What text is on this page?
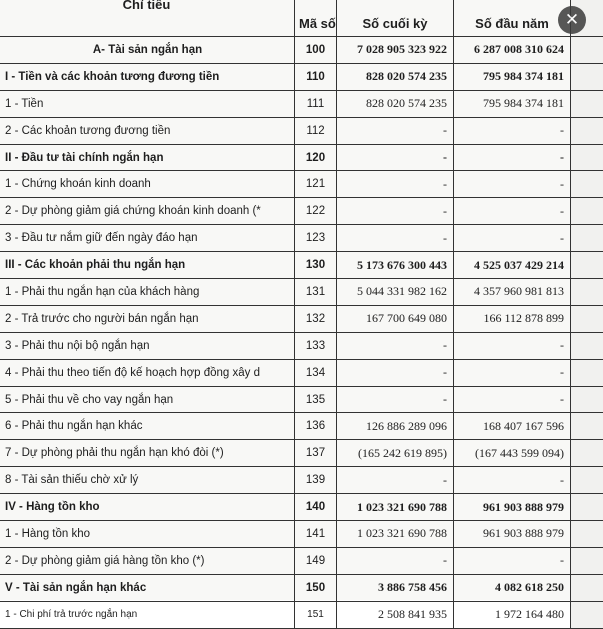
Chỉ tiêu	Mã số	Số cuối kỳ	Số đầu năm	
A- Tài sản ngắn hạn	100	7 028 905 323 922	6 287 008 310 624	
I - Tiền và các khoản tương đương tiền	110	828 020 574 235	795 984 374 181	
1 - Tiền	111	828 020 574 235	795 984 374 181	
2 - Các khoản tương đương tiền	112	-	-	
II - Đầu tư tài chính ngắn hạn	120	-	-	
1 - Chứng khoán kinh doanh	121	-	-	
2 - Dự phòng giảm giá chứng khoán kinh doanh (*	122	-	-	
3 - Đầu tư nắm giữ đến ngày đáo hạn	123	-	-	
III - Các khoản phải thu ngắn hạn	130	5 173 676 300 443	4 525 037 429 214	
1 - Phải thu ngắn hạn của khách hàng	131	5 044 331 982 162	4 357 960 981 813	
2 - Trả trước cho người bán ngắn hạn	132	167 700 649 080	166 112 878 899	
3 - Phải thu nội bộ ngắn hạn	133	-	-	
4 - Phải thu theo tiến độ kế hoạch hợp đồng xây d	134	-	-	
5 - Phải thu về cho vay ngắn hạn	135	-	-	
6 - Phải thu ngắn hạn khác	136	126 886 289 096	168 407 167 596	
7 - Dự phòng phải thu ngắn hạn khó đòi (*)	137	(165 242 619 895)	(167 443 599 094)	
8 - Tài sản thiếu chờ xử lý	139	-	-	
IV - Hàng tồn kho	140	1 023 321 690 788	961 903 888 979	
1 - Hàng tồn kho	141	1 023 321 690 788	961 903 888 979	
2 - Dự phòng giảm giá hàng tồn kho (*)	149	-	-	
V - Tài sản ngắn hạn khác	150	3 886 758 456	4 082 618 250	
1 - Chi phí trả trước ngắn hạn	151	2 508 841 935	1 972 164 480	
✕
